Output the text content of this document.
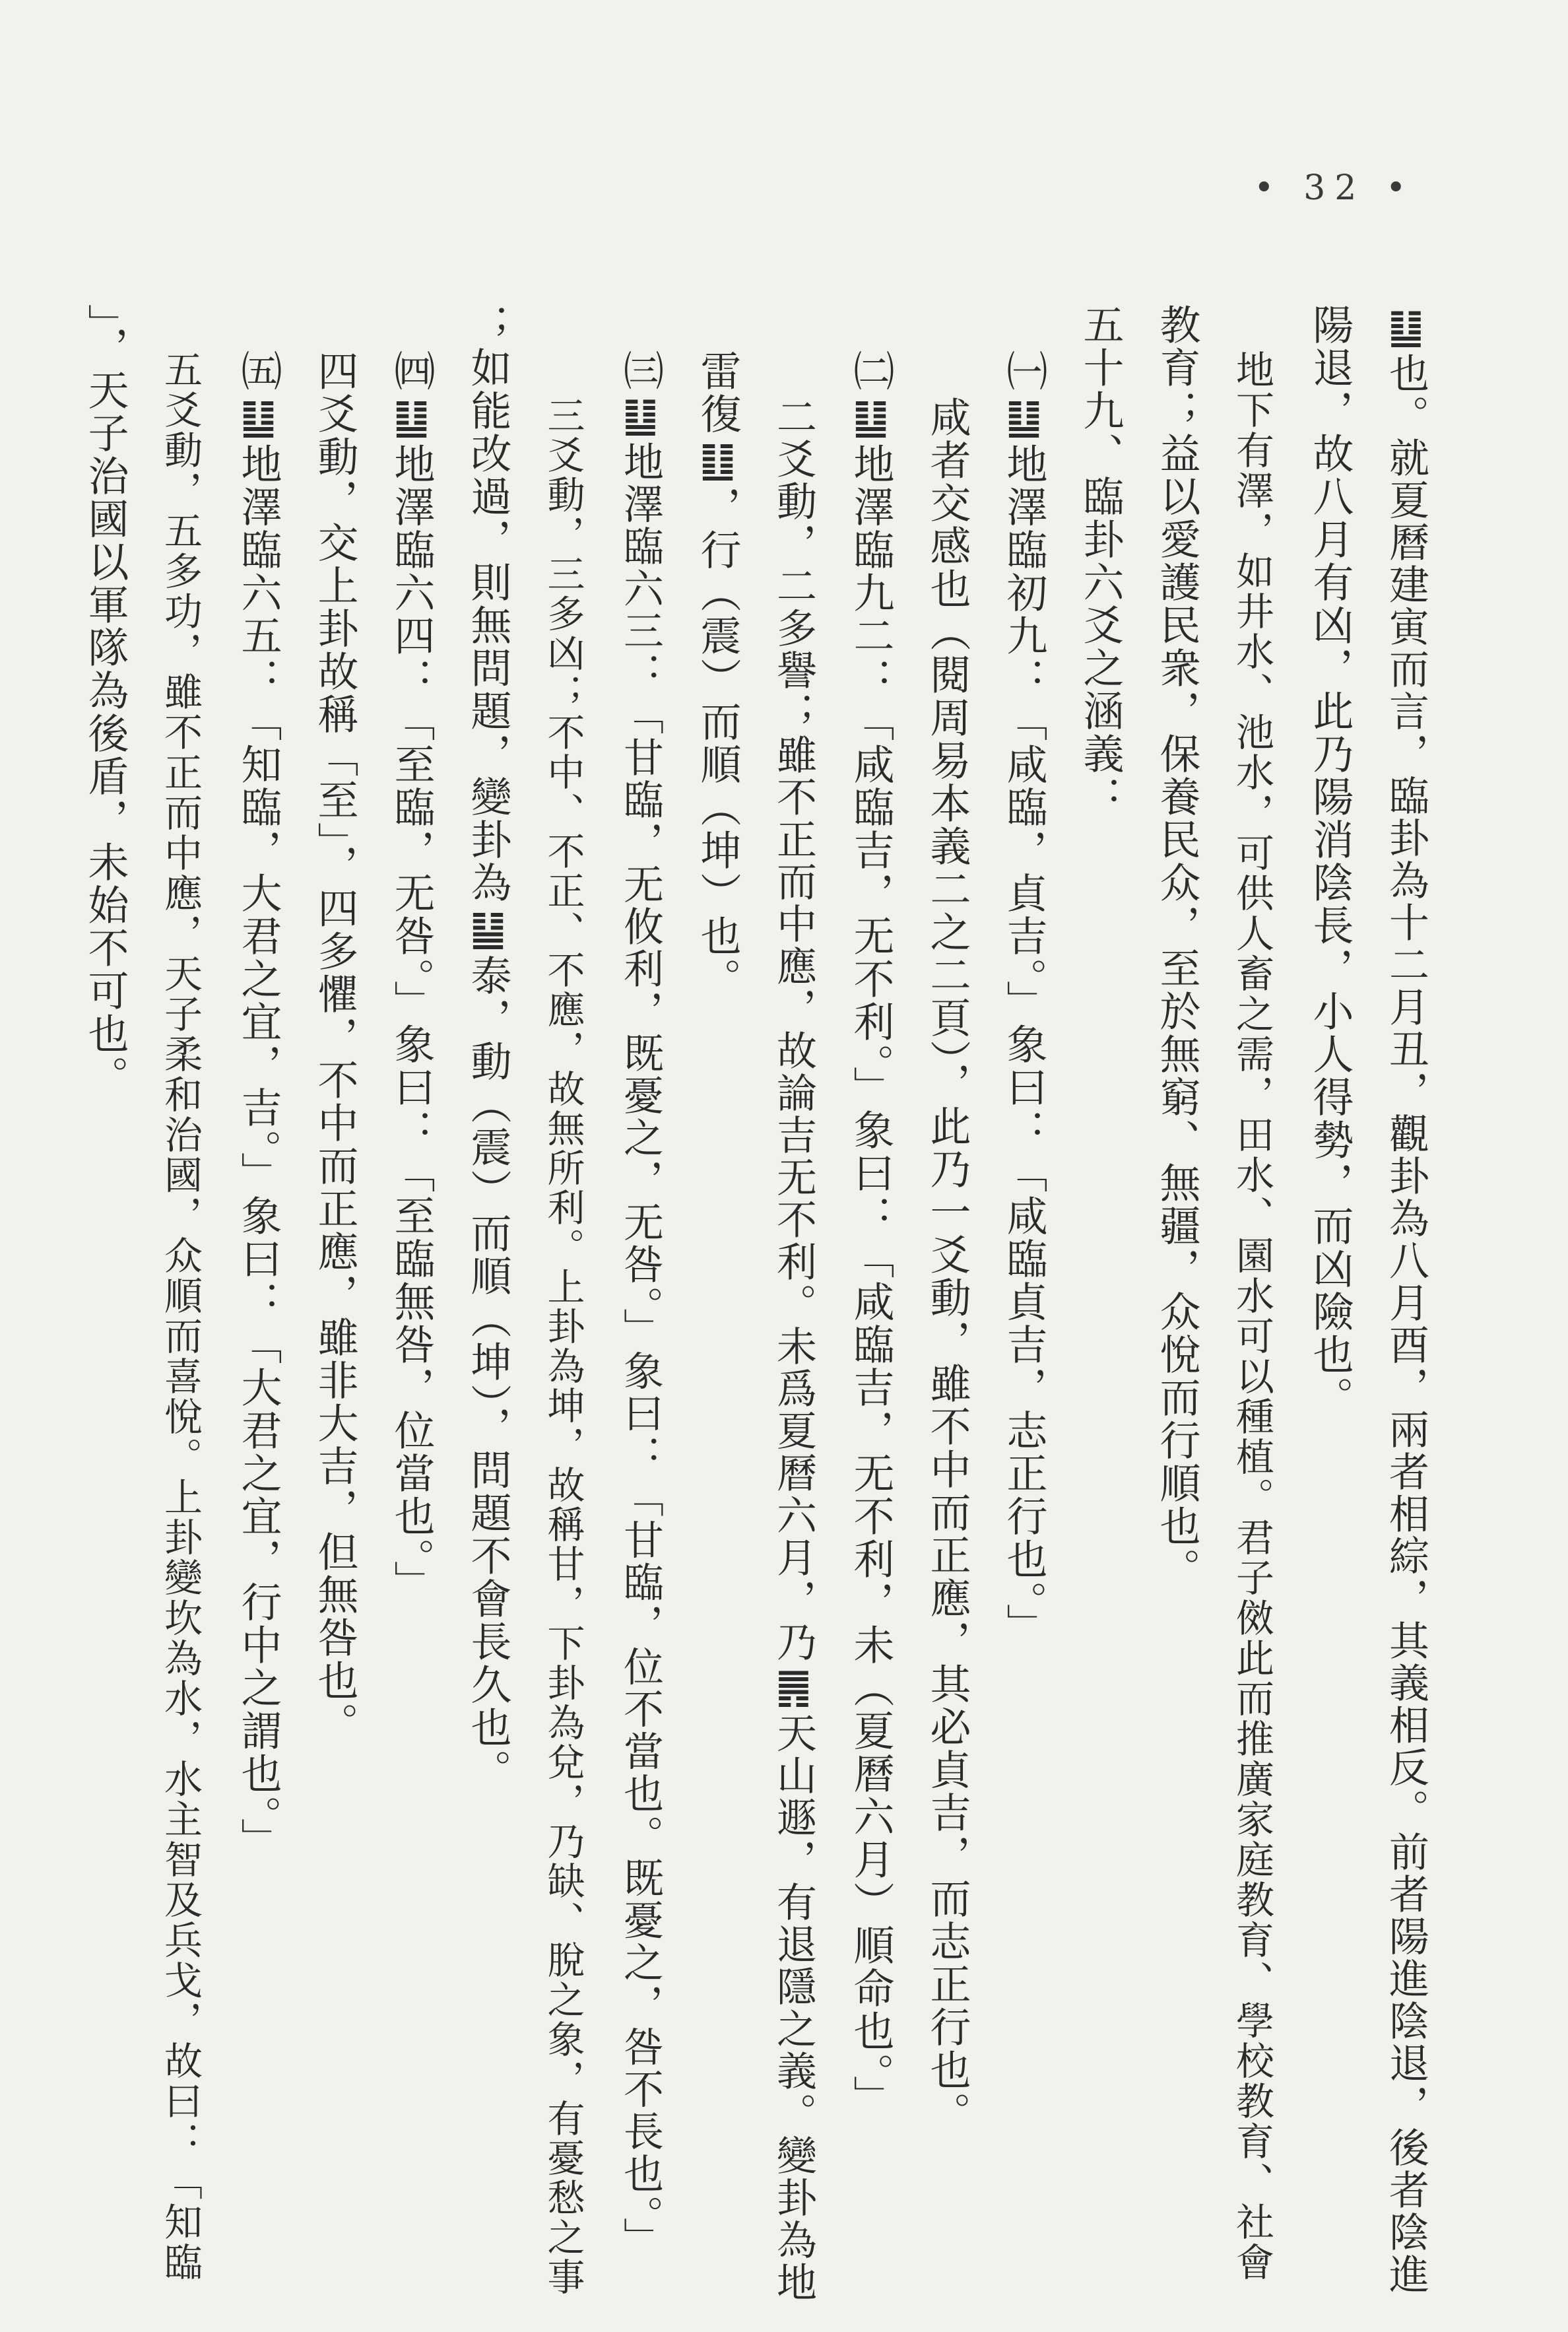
• 32 •
䷒也。就夏曆建寅而言，臨卦為十二月丑，觀卦為八月酉，兩者相綜，其義相反。前者陽進陰退，後者陰進
陽退，故八月有凶，此乃陽消陰長，小人得勢，而凶險也。
地下有澤，如井水、池水，可供人畜之需，田水、園水可以種植。君子傚此而推廣家庭教育、學校教育、社會
教育；益以愛護民衆，保養民众，至於無窮、無疆，众悅而行順也。
五十九、臨卦六爻之涵義：
㈠䷒地澤臨初九：「咸臨，貞吉。」象曰：「咸臨貞吉，志正行也。」
咸者交感也（閱周易本義二之二頁），此乃一爻動，雖不中而正應，其必貞吉，而志正行也。
㈡䷒地澤臨九二：「咸臨吉，无不利。」象曰：「咸臨吉，无不利，未（夏曆六月）順命也。」
二爻動，二多譽；雖不正而中應，故論吉无不利。未爲夏曆六月，乃䷠天山遯，有退隱之義。變卦為地
雷復䷗，行（震）而順（坤）也。
㈢䷒地澤臨六三：「甘臨，无攸利，既憂之，无咎。」象曰：「甘臨，位不當也。既憂之，咎不長也。」
三爻動，三多凶；不中、不正、不應，故無所利。上卦為坤，故稱甘，下卦為兌，乃缺、脫之象，有憂愁之事
；如能改過，則無問題，變卦為䷊泰，動（震）而順（坤），問題不會長久也。
㈣䷒地澤臨六四：「至臨，无咎。」象曰：「至臨無咎，位當也。」
四爻動，交上卦故稱「至」，四多懼，不中而正應，雖非大吉，但無咎也。
㈤䷒地澤臨六五：「知臨，大君之宜，吉。」象曰：「大君之宜，行中之謂也。」
五爻動，五多功，雖不正而中應，天子柔和治國，众順而喜悅。上卦變坎為水，水主智及兵戈，故曰：「知臨
」，天子治國以軍隊為後盾，未始不可也。
